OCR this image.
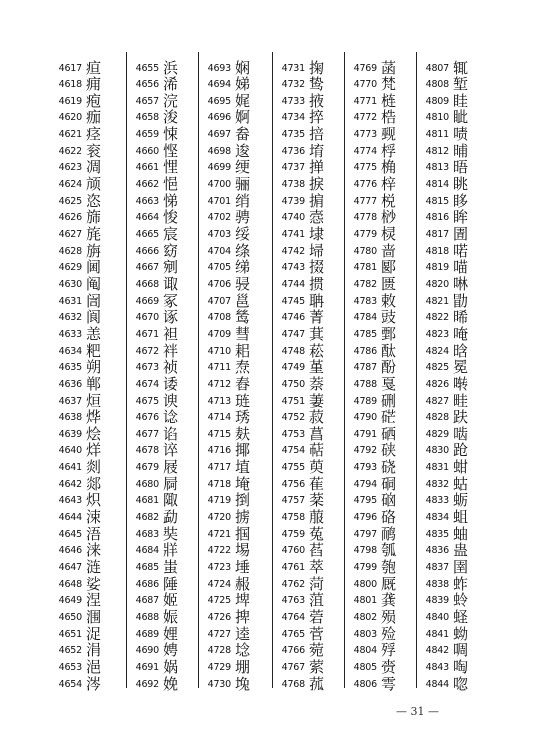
4617 疸
4618 痈
4619 疱
4620 痂
4621 痉
4622 衮
4623 凋
4624 颃
4625 恣
4626 旆
4627 旄
4628 旃
4629 阃
4630 阄
4631 訚
4632 阆
4633 恙
4634 粑
4635 朔
4636 郸
4637 烜
4638 烨
4639 烩
4640 烊
4641 剡
4642 郯
4643 炽
4644 涑
4645 浯
4646 涞
4647 涟
4648 娑
4649 涅
4650 涠
4651 浞
4652 涓
4653 浥
4654 涔
4655 浜
4656 浠
4657 浣
4658 浚
4659 悚
4660 悭
4661 悝
4662 悒
4663 悌
4664 悛
4665 宸
4666 窈
4667 剜
4668 诹
4669 冢
4670 诼
4671 袒
4672 袢
4673 祯
4674 诿
4675 谀
4676 谂
4677 谄
4678 谇
4679 屐
4680 屙
4681 陬
4682 勐
4683 奘
4684 牂
4685 蚩
4686 陲
4687 姬
4688 娠
4689 娌
4690 娉
4691 娲
4692 娩
4693 娴
4694 娣
4695 娓
4696 婀
4697 畚
4698 逡
4699 绠
4700 骊
4701 绡
4702 骋
4703 绥
4704 绦
4705 绨
4706 骎
4707 邕
4708 鸶
4709 彗
4710 耜
4711 焘
4712 舂
4713 琏
4714 琇
4715 麸
4716 揶
4717 埴
4718 埯
4719 捯
4720 掳
4721 掴
4722 埸
4723 埵
4724 赧
4725 埤
4726 捭
4727 逵
4728 埝
4729 堋
4730 堍
4731 掬
4732 鸷
4733 掖
4734 捽
4735 掊
4736 堉
4737 掸
4738 捩
4739 掮
4740 悫
4741 埭
4742 埽
4743 掇
4744 掼
4745 聃
4746 菁
4747 萁
4748 菘
4749 堇
4750 萘
4751 萋
4752 菽
4753 菖
4754 萜
4755 萸
4756 萑
4757 棻
4758 菔
4759 菟
4760 萏
4761 萃
4762 菏
4763 菹
4764 菪
4765 菅
4766 菀
4767 萦
4768 菰
4769 菡
4770 梵
4771 梿
4772 梏
4773 觋
4774 桴
4775 桷
4776 梓
4777 棁
4778 桫
4779 棂
4780 啬
4781 郾
4782 匮
4783 敕
4784 豉
4785 鄄
4786 酞
4787 酚
4788 戛
4789 硎
4790 硭
4791 硒
4792 硖
4793 硗
4794 硐
4795 硇
4796 硌
4797 鸸
4798 瓠
4799 匏
4800 厩
4801 龚
4802 殒
4803 殓
4804 殍
4805 赍
4806 雩
4807 辄
4808 堑
4809 眭
4810 眦
4811 啧
4812 晡
4813 晤
4814 眺
4815 眵
4816 眸
4817 圊
4818 喏
4819 喵
4820 啉
4821 勖
4822 晞
4823 唵
4824 晗
4825 冕
4826 啭
4827 畦
4828 趺
4829 啮
4830 跄
4831 蚶
4832 蛄
4833 蛎
4834 蛆
4835 蚰
4836 蛊
4837 圉
4838 蚱
4839 蛉
4840 蛏
4841 蚴
4842 啁
4843 啕
4844 唿
— 31 —
